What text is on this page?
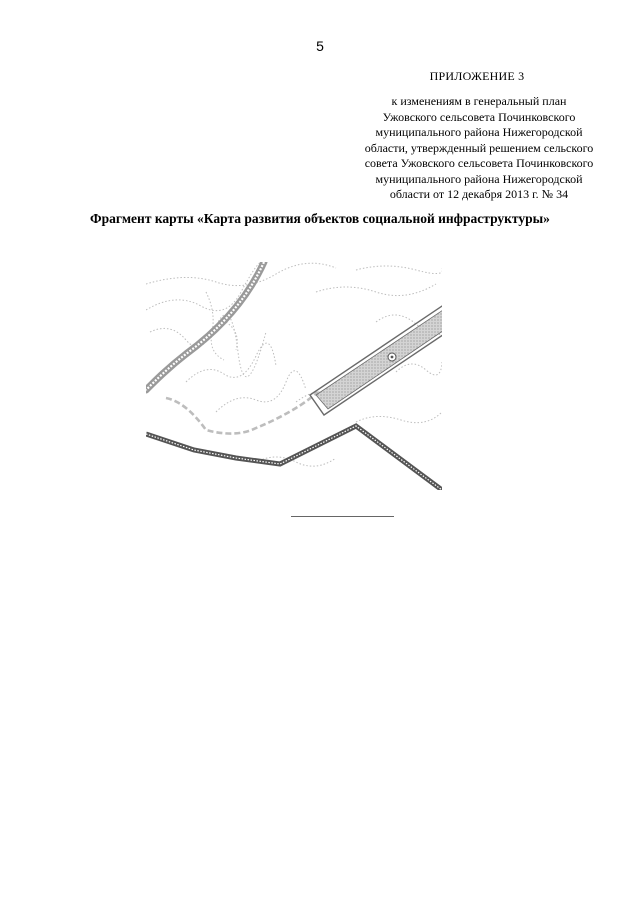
5
ПРИЛОЖЕНИЕ 3
к изменениям в генеральный план
Ужовского сельсовета Починковского
муниципального района Нижегородской
области, утвержденный решением сельского
совета Ужовского сельсовета Починковского
муниципального района Нижегородской
области от 12 декабря 2013 г. № 34
Фрагмент карты «Карта развития объектов социальной инфраструктуры»
